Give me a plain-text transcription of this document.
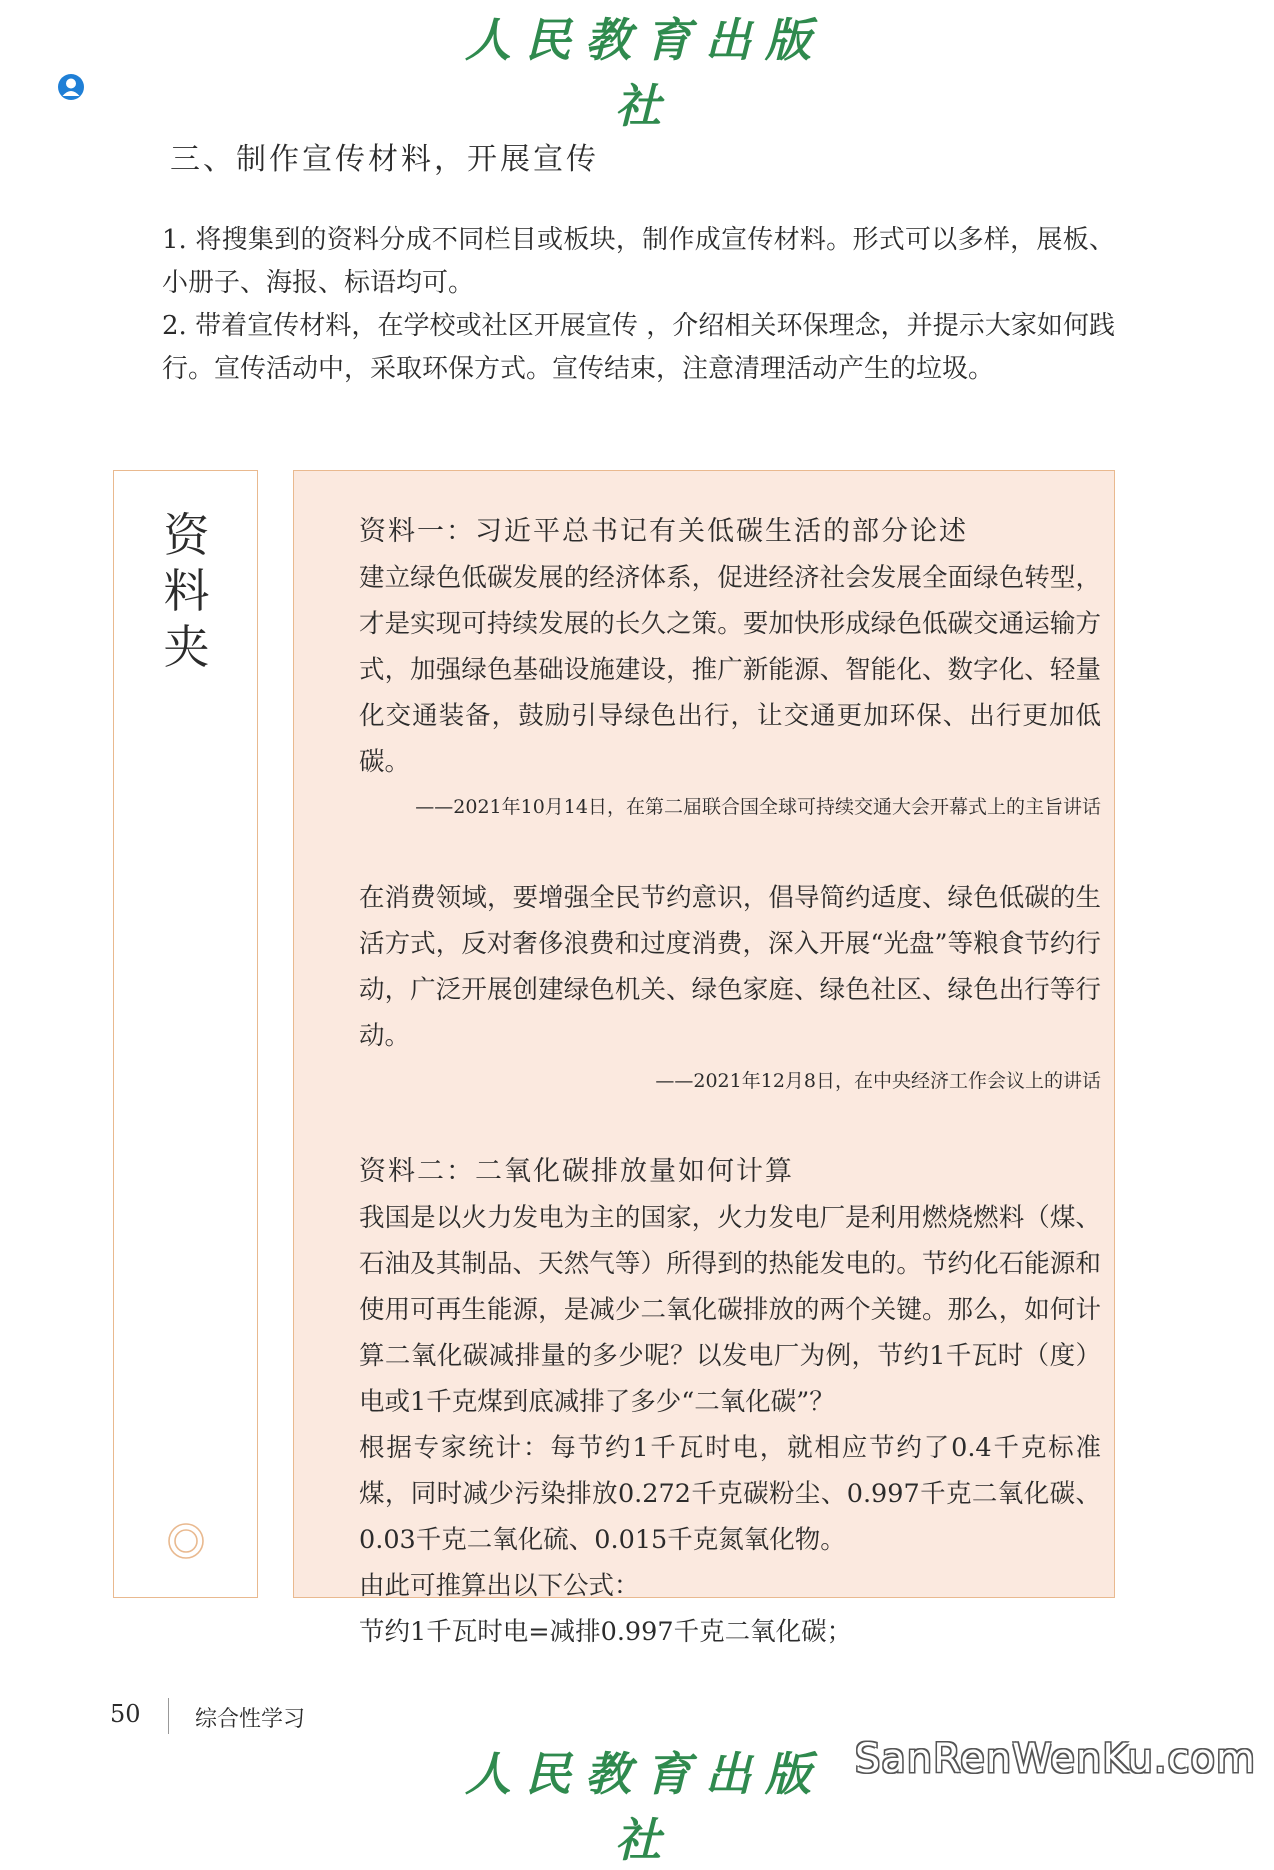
人民教育出版社
三、制作宣传材料，开展宣传
1. 将搜集到的资料分成不同栏目或板块，制作成宣传材料。形式可以多样，展板、小册子、海报、标语均可。
2. 带着宣传材料，在学校或社区开展宣传 ，介绍相关环保理念，并提示大家如何践行。宣传活动中，采取环保方式。宣传结束，注意清理活动产生的垃圾。
资
料
夹
资料一：习近平总书记有关低碳生活的部分论述
建立绿色低碳发展的经济体系，促进经济社会发展全面绿色转型，才是实现可持续发展的长久之策。要加快形成绿色低碳交通运输方式，加强绿色基础设施建设，推广新能源、智能化、数字化、轻量化交通装备，鼓励引导绿色出行，让交通更加环保、出行更加低碳。
——2021年10月14日，在第二届联合国全球可持续交通大会开幕式上的主旨讲话
在消费领域，要增强全民节约意识，倡导简约适度、绿色低碳的生活方式，反对奢侈浪费和过度消费，深入开展“光盘”等粮食节约行动，广泛开展创建绿色机关、绿色家庭、绿色社区、绿色出行等行动。
——2021年12月8日，在中央经济工作会议上的讲话
资料二：二氧化碳排放量如何计算
我国是以火力发电为主的国家，火力发电厂是利用燃烧燃料（煤、石油及其制品、天然气等）所得到的热能发电的。节约化石能源和使用可再生能源，是减少二氧化碳排放的两个关键。那么，如何计算二氧化碳减排量的多少呢？以发电厂为例，节约1千瓦时（度）电或1千克煤到底减排了多少“二氧化碳”？
根据专家统计：每节约1千瓦时电，就相应节约了0.4千克标准煤，同时减少污染排放0.272千克碳粉尘、0.997千克二氧化碳、0.03千克二氧化硫、0.015千克氮氧化物。
由此可推算出以下公式：
节约1千瓦时电=减排0.997千克二氧化碳；
50 综合性学习
人民教育出版社
SanRenWenKu.com
